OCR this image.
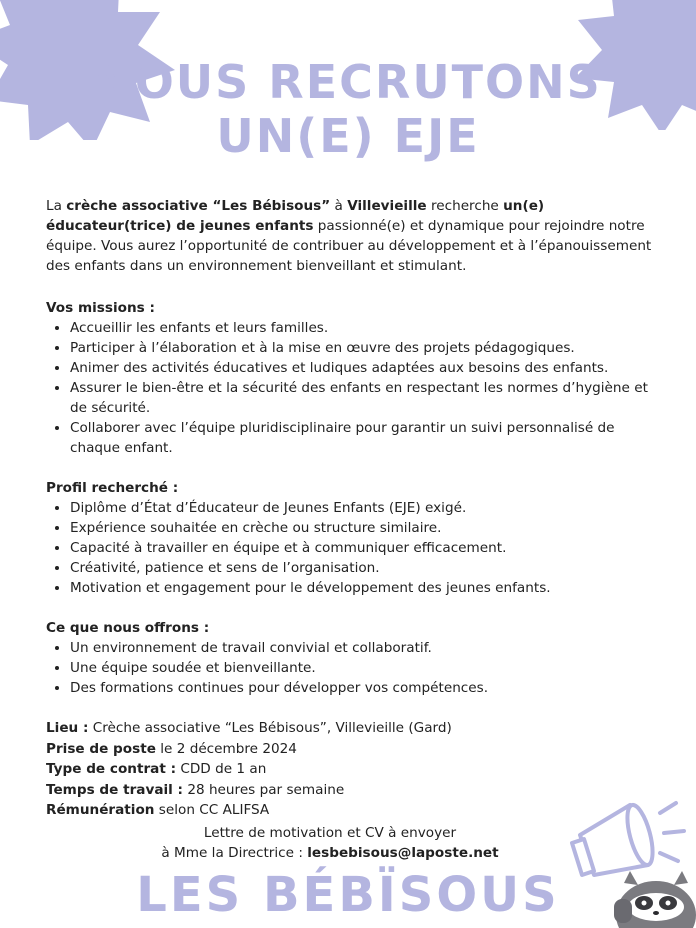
NOUS RECRUTONS
UN(E) EJE

La crèche associative “Les Bébisous” à Villevieille recherche un(e) éducateur(trice) de jeunes enfants passionné(e) et dynamique pour rejoindre notre équipe. Vous aurez l’opportunité de contribuer au développement et à l’épanouissement des enfants dans un environnement bienveillant et stimulant.

Vos missions :

• Accueillir les enfants et leurs familles.
• Participer à l’élaboration et à la mise en œuvre des projets pédagogiques.
• Animer des activités éducatives et ludiques adaptées aux besoins des enfants.
• Assurer le bien-être et la sécurité des enfants en respectant les normes d’hygiène et de sécurité.
• Collaborer avec l’équipe pluridisciplinaire pour garantir un suivi personnalisé de chaque enfant.

Profil recherché :

• Diplôme d’État d’Éducateur de Jeunes Enfants (EJE) exigé.
• Expérience souhaitée en crèche ou structure similaire.
• Capacité à travailler en équipe et à communiquer efficacement.
• Créativité, patience et sens de l’organisation.
• Motivation et engagement pour le développement des jeunes enfants.

Ce que nous offrons :

• Un environnement de travail convivial et collaboratif.
• Une équipe soudée et bienveillante.
• Des formations continues pour développer vos compétences.

Lieu : Crèche associative “Les Bébisous”, Villevieille (Gard)

Prise de poste le 2 décembre 2024

Type de contrat : CDD de 1 an

Temps de travail : 28 heures par semaine

Rémunération selon CC ALIFSA

Lettre de motivation et CV à envoyer
à Mme la Directrice : lesbebisous@laposte.net
LES BÉBÏSOUS
